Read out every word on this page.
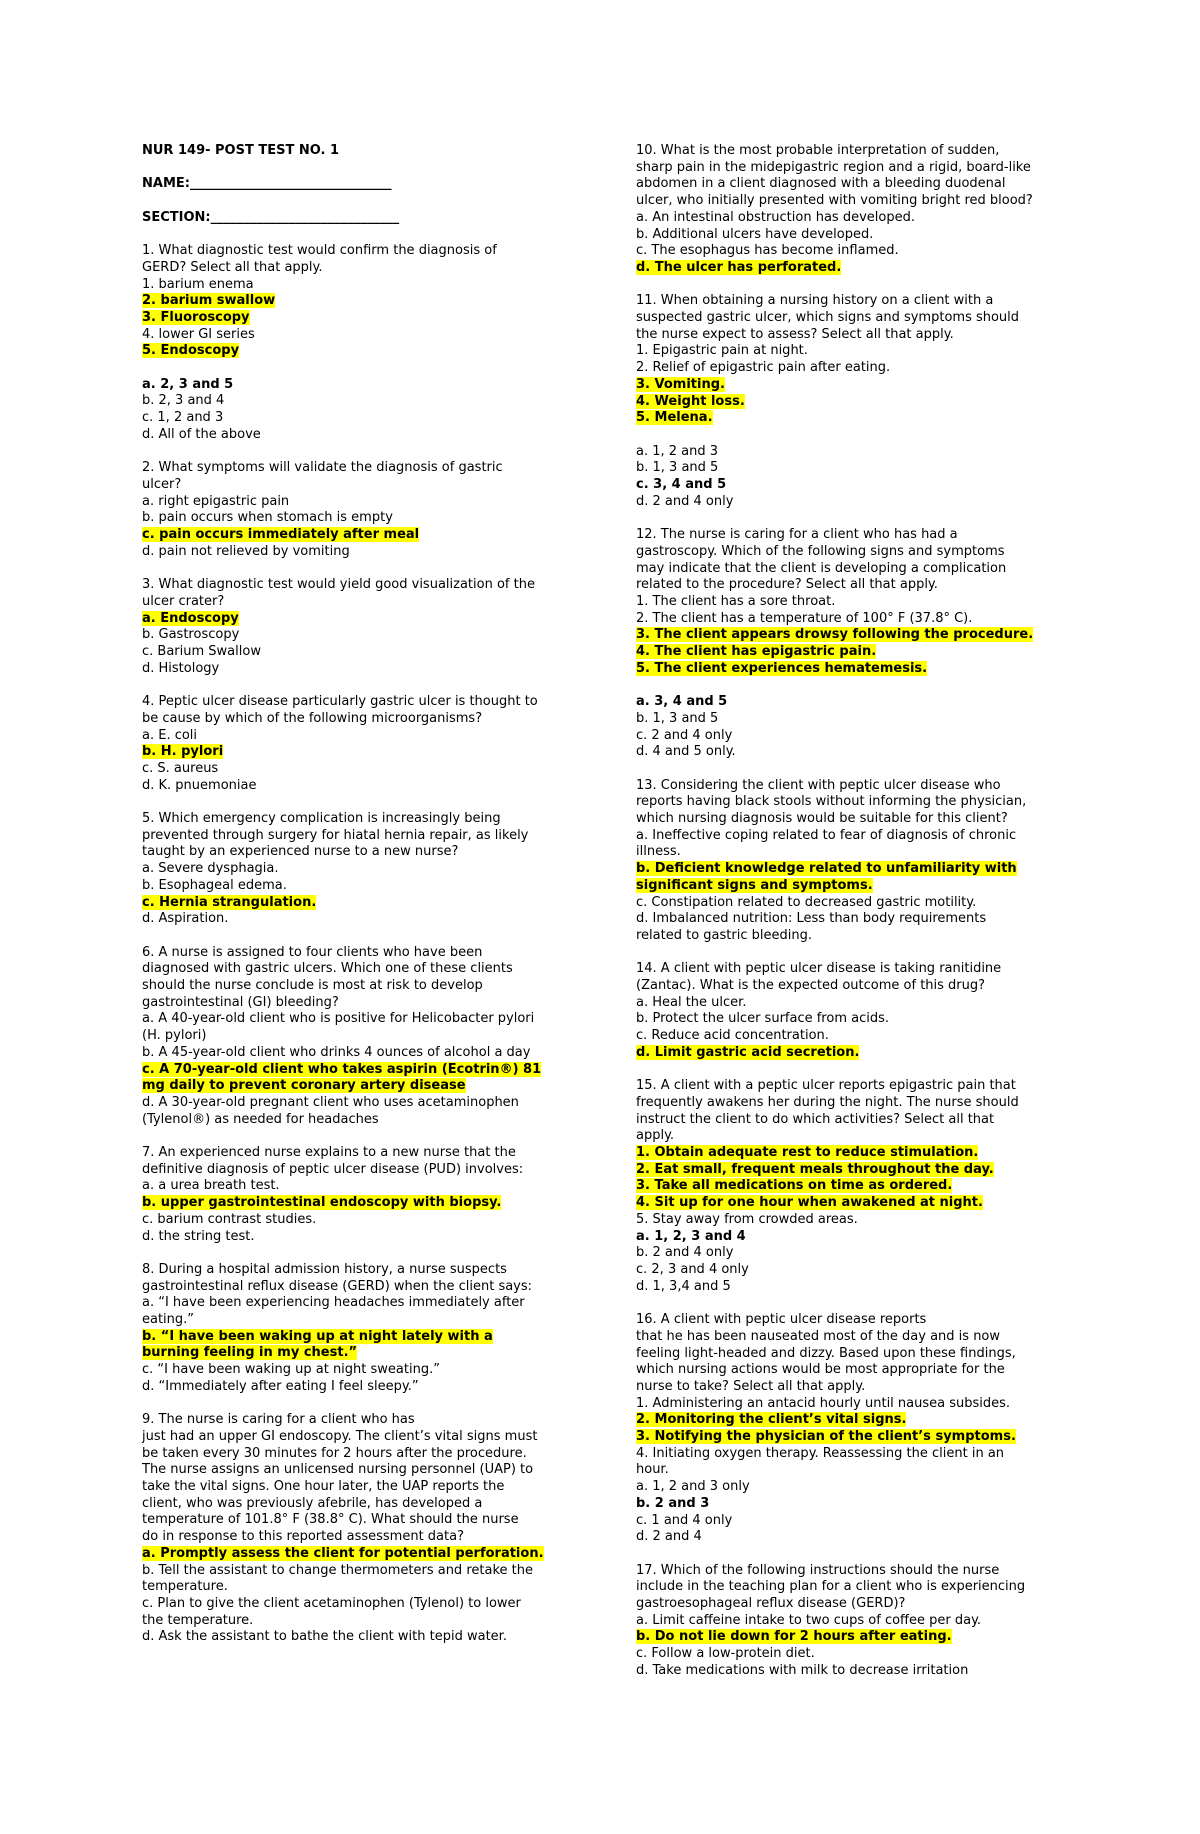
NUR 149- POST TEST NO. 1
NAME:_______________________________
SECTION:_____________________________
1. What diagnostic test would confirm the diagnosis of
GERD? Select all that apply.
1. barium enema
2. barium swallow
3. Fluoroscopy
4. lower GI series
5. Endoscopy
a. 2, 3 and 5
b. 2, 3 and 4
c. 1, 2 and 3
d. All of the above
2. What symptoms will validate the diagnosis of gastric
ulcer?
a. right epigastric pain
b. pain occurs when stomach is empty
c. pain occurs immediately after meal
d. pain not relieved by vomiting
3. What diagnostic test would yield good visualization of the
ulcer crater?
a. Endoscopy
b. Gastroscopy
c. Barium Swallow
d. Histology
4. Peptic ulcer disease particularly gastric ulcer is thought to
be cause by which of the following microorganisms?
a. E. coli
b. H. pylori
c. S. aureus
d. K. pnuemoniae
5. Which emergency complication is increasingly being
prevented through surgery for hiatal hernia repair, as likely
taught by an experienced nurse to a new nurse?
a. Severe dysphagia.
b. Esophageal edema.
c. Hernia strangulation.
d. Aspiration.
6. A nurse is assigned to four clients who have been
diagnosed with gastric ulcers. Which one of these clients
should the nurse conclude is most at risk to develop
gastrointestinal (GI) bleeding?
a. A 40-year-old client who is positive for Helicobacter pylori
(H. pylori)
b. A 45-year-old client who drinks 4 ounces of alcohol a day
c. A 70-year-old client who takes aspirin (Ecotrin®) 81
mg daily to prevent coronary artery disease
d. A 30-year-old pregnant client who uses acetaminophen
(Tylenol®) as needed for headaches
7. An experienced nurse explains to a new nurse that the
definitive diagnosis of peptic ulcer disease (PUD) involves:
a. a urea breath test.
b. upper gastrointestinal endoscopy with biopsy.
c. barium contrast studies.
d. the string test.
8. During a hospital admission history, a nurse suspects
gastrointestinal reflux disease (GERD) when the client says:
a. “I have been experiencing headaches immediately after
eating.”
b. “I have been waking up at night lately with a
burning feeling in my chest.”
c. “I have been waking up at night sweating.”
d. “Immediately after eating I feel sleepy.”
9. The nurse is caring for a client who has
just had an upper GI endoscopy. The client’s vital signs must
be taken every 30 minutes for 2 hours after the procedure.
The nurse assigns an unlicensed nursing personnel (UAP) to
take the vital signs. One hour later, the UAP reports the
client, who was previously afebrile, has developed a
temperature of 101.8° F (38.8° C). What should the nurse
do in response to this reported assessment data?
a. Promptly assess the client for potential perforation.
b. Tell the assistant to change thermometers and retake the
temperature.
c. Plan to give the client acetaminophen (Tylenol) to lower
the temperature.
d. Ask the assistant to bathe the client with tepid water.
10. What is the most probable interpretation of sudden,
sharp pain in the midepigastric region and a rigid, board-like
abdomen in a client diagnosed with a bleeding duodenal
ulcer, who initially presented with vomiting bright red blood?
a. An intestinal obstruction has developed.
b. Additional ulcers have developed.
c. The esophagus has become inflamed.
d. The ulcer has perforated.
11. When obtaining a nursing history on a client with a
suspected gastric ulcer, which signs and symptoms should
the nurse expect to assess? Select all that apply.
1. Epigastric pain at night.
2. Relief of epigastric pain after eating.
3. Vomiting.
4. Weight loss.
5. Melena.
a. 1, 2 and 3
b. 1, 3 and 5
c. 3, 4 and 5
d. 2 and 4 only
12. The nurse is caring for a client who has had a
gastroscopy. Which of the following signs and symptoms
may indicate that the client is developing a complication
related to the procedure? Select all that apply.
1. The client has a sore throat.
2. The client has a temperature of 100° F (37.8° C).
3. The client appears drowsy following the procedure.
4. The client has epigastric pain.
5. The client experiences hematemesis.
a. 3, 4 and 5
b. 1, 3 and 5
c. 2 and 4 only
d. 4 and 5 only.
13. Considering the client with peptic ulcer disease who
reports having black stools without informing the physician,
which nursing diagnosis would be suitable for this client?
a. Ineffective coping related to fear of diagnosis of chronic
illness.
b. Deficient knowledge related to unfamiliarity with
significant signs and symptoms.
c. Constipation related to decreased gastric motility.
d. Imbalanced nutrition: Less than body requirements
related to gastric bleeding.
14. A client with peptic ulcer disease is taking ranitidine
(Zantac). What is the expected outcome of this drug?
a. Heal the ulcer.
b. Protect the ulcer surface from acids.
c. Reduce acid concentration.
d. Limit gastric acid secretion.
15. A client with a peptic ulcer reports epigastric pain that
frequently awakens her during the night. The nurse should
instruct the client to do which activities? Select all that
apply.
1. Obtain adequate rest to reduce stimulation.
2. Eat small, frequent meals throughout the day.
3. Take all medications on time as ordered.
4. Sit up for one hour when awakened at night.
5. Stay away from crowded areas.
a. 1, 2, 3 and 4
b. 2 and 4 only
c. 2, 3 and 4 only
d. 1, 3,4 and 5
16. A client with peptic ulcer disease reports
that he has been nauseated most of the day and is now
feeling light-headed and dizzy. Based upon these findings,
which nursing actions would be most appropriate for the
nurse to take? Select all that apply.
1. Administering an antacid hourly until nausea subsides.
2. Monitoring the client’s vital signs.
3. Notifying the physician of the client’s symptoms.
4. Initiating oxygen therapy. Reassessing the client in an
hour.
a. 1, 2 and 3 only
b. 2 and 3
c. 1 and 4 only
d. 2 and 4
17. Which of the following instructions should the nurse
include in the teaching plan for a client who is experiencing
gastroesophageal reflux disease (GERD)?
a. Limit caffeine intake to two cups of coffee per day.
b. Do not lie down for 2 hours after eating.
c. Follow a low-protein diet.
d. Take medications with milk to decrease irritation
